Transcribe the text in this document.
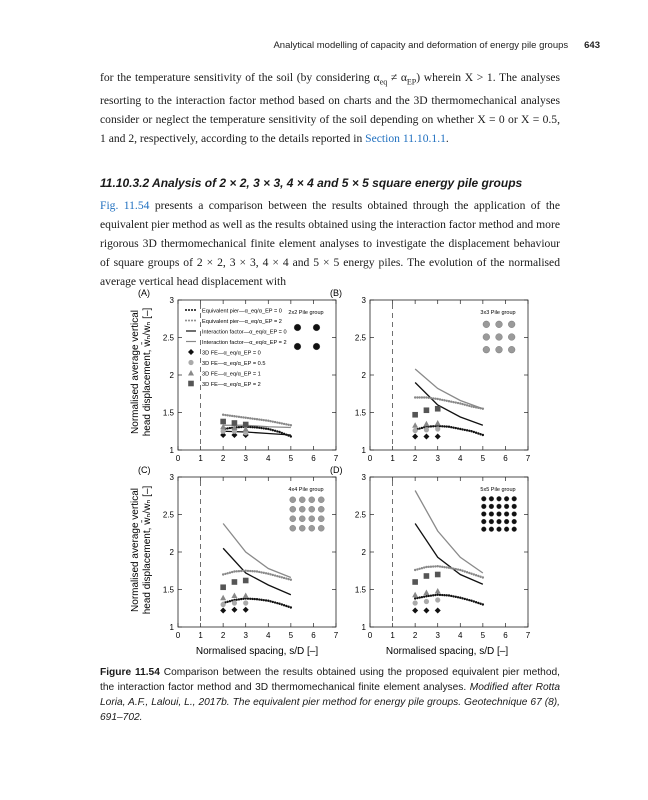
Analytical modelling of capacity and deformation of energy pile groups 643
for the temperature sensitivity of the soil (by considering $\alpha_{eq} \ne \alpha_{EP}$) wherein X > 1. The analyses resorting to the interaction factor method based on charts and the 3D thermomechanical analyses consider or neglect the temperature sensitivity of the soil depending on whether X = 0 or X = 0.5, 1 and 2, respectively, according to the details reported in Section 11.10.1.1.
11.10.3.2 Analysis of 2 × 2, 3 × 3, 4 × 4 and 5 × 5 square energy pile groups
Fig. 11.54 presents a comparison between the results obtained through the application of the equivalent pier method as well as the results obtained using the interaction factor method and more rigorous 3D thermomechanical finite element analyses to investigate the displacement behaviour of square groups of 2 × 2, 3 × 3, 4 × 4 and 5 × 5 energy piles. The evolution of the normalised average vertical head displacement with
0 1 2 3 4 5 6 7
1
1.5
2
2.5
3
(A)
2x2 Pile group
0 1 2 3 4 5 6 7
1
1.5
2
2.5
3
(B)
3x3 Pile group
0 1 2 3 4 5 6 7
1
1.5
2
2.5
3
(C)
4x4 Pile group
0 1 2 3 4 5 6 7
1
1.5
2
2.5
3
(D)
5x5 Pile group
Equivalent pier—α_eq/α_EP = 0
Equivalent pier—α_eq/α_EP = 2
Interaction factor—α_eq/α_EP = 0
Interaction factor—α_eq/α_EP = 2
3D FE—α_eq/α_EP = 0
3D FE—α_eq/α_EP = 0.5
3D FE—α_eq/α_EP = 1
3D FE—α_eq/α_EP = 2
Normalised average vertical head displacement, w̄ₙ/wₙ [–]
Normalised average vertical head displacement, w̄ₙ/wₙ [–]
Normalised spacing, s/D [–]	Normalised spacing, s/D [–]
Figure 11.54 Comparison between the results obtained using the proposed equivalent pier method, the interaction factor method and 3D thermomechanical finite element analyses. Modified after Rotta Loria, A.F., Laloui, L., 2017b. The equivalent pier method for energy pile groups. Geotechnique 67 (8), 691–702.
